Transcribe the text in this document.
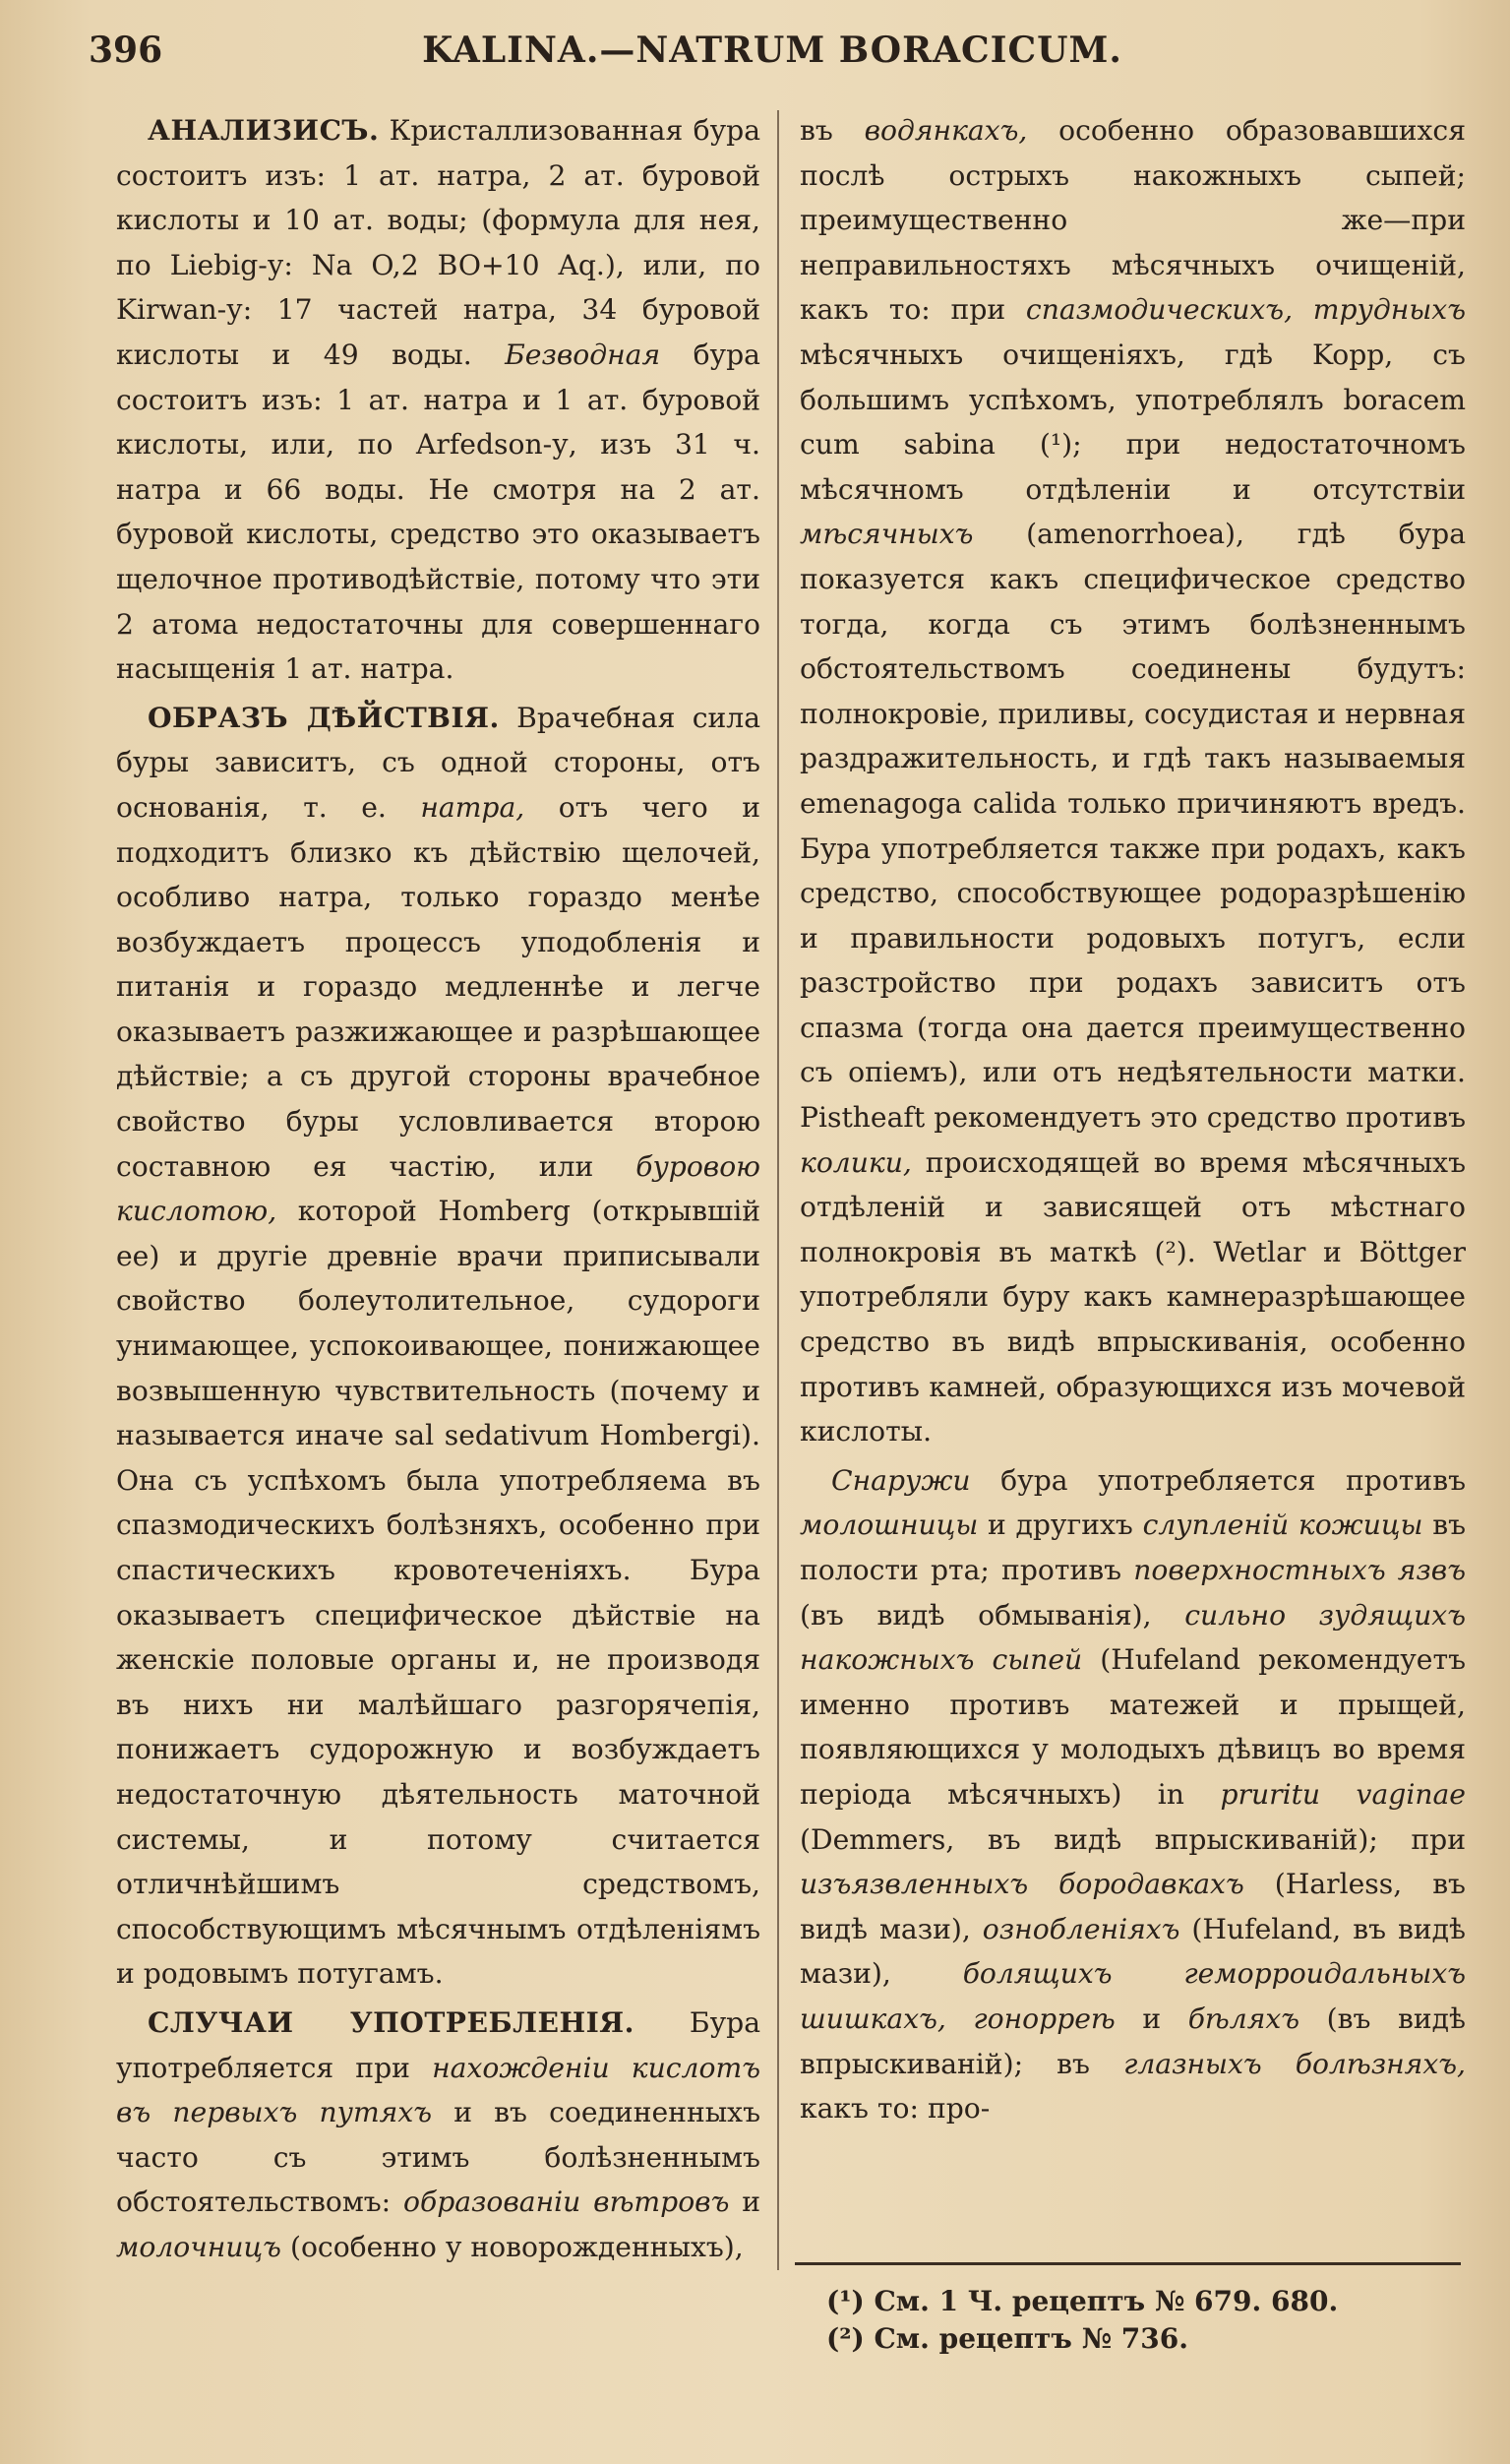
396	KALINA.—NATRUM BORACICUM.

АНАЛИЗИСЪ. Кристаллизованная бура состоитъ изъ: 1 ат. натра, 2 ат. буровой кислоты и 10 ат. воды; (формула для нея, по Liebig-у: Na O,2 BO+10 Aq.), или, по Kirwan-у: 17 частей натра, 34 буровой кислоты и 49 воды. Безводная бура состоитъ изъ: 1 ат. натра и 1 ат. буровой кислоты, или, по Arfedson-у, изъ 31 ч. натра и 66 воды. Не смотря на 2 ат. буровой кислоты, средство это оказываетъ щелочное противодѣйствіе, потому что эти 2 атома недостаточны для совершеннаго насыщенія 1 ат. натра.

ОБРАЗЪ ДѢЙСТВІЯ. Врачебная сила буры зависитъ, съ одной стороны, отъ основанія, т. е. натра, отъ чего и подходитъ близко къ дѣйствію щелочей, особливо натра, только гораздо менѣе возбуждаетъ процессъ уподобленія и питанія и гораздо медленнѣе и легче оказываетъ разжижающее и разрѣшающее дѣйствіе; а съ другой стороны врачебное свойство буры условливается второю составною ея частію, или буровою кислотою, которой Homberg (открывшій ее) и другіе древніе врачи приписывали свойство болеутолительное, судороги унимающее, успокоивающее, понижающее возвышенную чувствительность (почему и называется иначе sal sedativum Hombergi). Она съ успѣхомъ была употребляема въ спазмодическихъ болѣзняхъ, особенно при спастическихъ кровотеченіяхъ. Бура оказываетъ специфическое дѣйствіе на женскіе половые органы и, не производя въ нихъ ни малѣйшаго разгорячепія, понижаетъ судорожную и возбуждаетъ недостаточную дѣятельность маточной системы, и потому считается отличнѣйшимъ средствомъ, способствующимъ мѣсячнымъ отдѣленіямъ и родовымъ потугамъ.

СЛУЧАИ УПОТРЕБЛЕНІЯ. Бура употребляется при нахожденіи кислотъ въ первыхъ путяхъ и въ соединенныхъ часто съ этимъ болѣзненнымъ обстоятельствомъ: образованіи вѣтровъ и молочницъ (особенно у новорожденныхъ),

въ водянкахъ, особенно образовавшихся послѣ острыхъ накожныхъ сыпей; преимущественно же—при неправильностяхъ мѣсячныхъ очищеній, какъ то: при спазмодическихъ, трудныхъ мѣсячныхъ очищеніяхъ, гдѣ Kopp, съ большимъ успѣхомъ, употреблялъ boracem cum sabina (¹); при недостаточномъ мѣсячномъ отдѣленіи и отсутствіи мѣсячныхъ (amenorrhoea), гдѣ бура показуется какъ специфическое средство тогда, когда съ этимъ болѣзненнымъ обстоятельствомъ соединены будутъ: полнокровіе, приливы, сосудистая и нервная раздражительность, и гдѣ такъ называемыя emenagoga calida только причиняютъ вредъ. Бура употребляется также при родахъ, какъ средство, способствующее родоразрѣшенію и правильности родовыхъ потугъ, если разстройство при родахъ зависитъ отъ спазма (тогда она дается преимущественно съ опіемъ), или отъ недѣятельности матки. Pistheaft рекомендуетъ это средство противъ колики, происходящей во время мѣсячныхъ отдѣленій и зависящей отъ мѣстнаго полнокровія въ маткѣ (²). Wetlar и Böttger употребляли буру какъ камнеразрѣшающее средство въ видѣ впрыскиванія, особенно противъ камней, образующихся изъ мочевой кислоты.

Снаружи бура употребляется противъ молошницы и другихъ слупленій кожицы въ полости рта; противъ поверхностныхъ язвъ (въ видѣ обмыванія), сильно зудящихъ накожныхъ сыпей (Hufeland рекомендуетъ именно противъ матежей и прыщей, появляющихся у молодыхъ дѣвицъ во время періода мѣсячныхъ) in pruritu vaginae (Demmers, въ видѣ впрыскиваній); при изъязвленныхъ бородавкахъ (Harless, въ видѣ мази), ознобленіяхъ (Hufeland, въ видѣ мази), болящихъ геморроидальныхъ шишкахъ, гонорреѣ и бѣляхъ (въ видѣ впрыскиваній); въ глазныхъ болѣзняхъ, какъ то: про-

(¹) См. 1 Ч. рецептъ № 679. 680.
(²) См. рецептъ № 736.
